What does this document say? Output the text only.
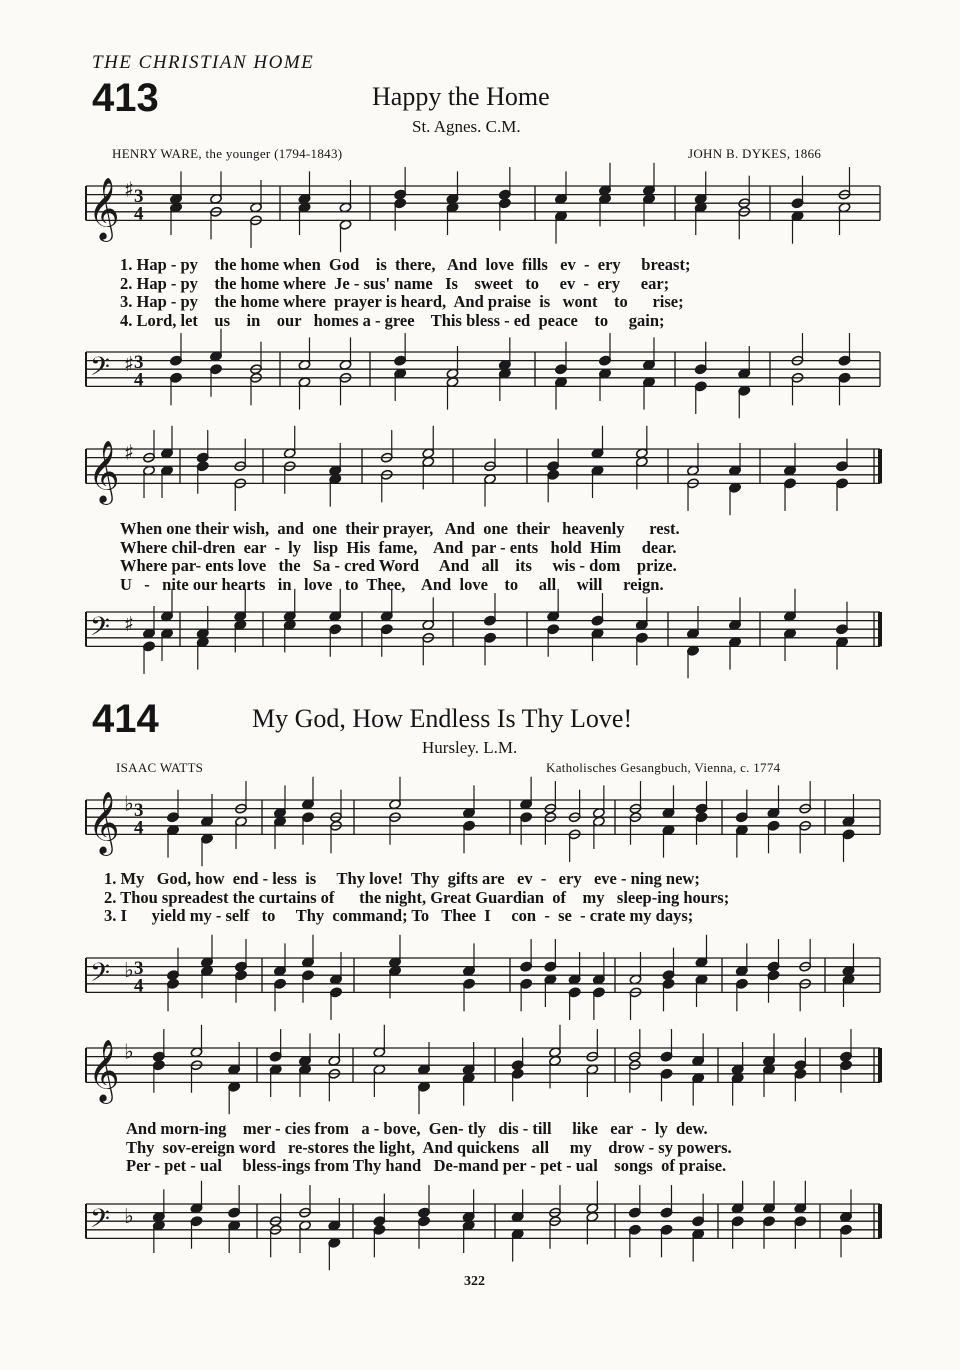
THE CHRISTIAN HOME
413	Happy the Home
St. Agnes. C.M.
HENRY WARE, the younger (1794-1843)	JOHN B. DYKES, 1866
𝄞
𝄢
♯
♯
3
4
3
4
𝄞
𝄢
♯
♯
𝄞
𝄢
♭
♭
3
4
3
4
𝄞
𝄢
♭
♭
1. Hap - py    the home when  God    is  there,   And  love  fills   ev  -  ery     breast;
2. Hap - py    the home where  Je - sus' name   Is    sweet   to     ev  -  ery     ear;
3. Hap - py    the home where  prayer is heard,  And praise  is   wont    to      rise;
4. Lord, let    us    in    our   homes a - gree    This bless - ed  peace    to     gain;
When one their wish,  and  one  their prayer,   And  one  their   heavenly      rest.
Where chil-dren  ear  -  ly   lisp  His  fame,    And  par - ents   hold  Him     dear.
Where par- ents love   the   Sa - cred Word     And   all    its     wis - dom    prize.
U   -   nite our hearts   in   love   to  Thee,    And  love    to     all     will     reign.
414	My God, How Endless Is Thy Love!
Hursley. L.M.
ISAAC WATTS	Katholisches Gesangbuch, Vienna, c. 1774
1. My   God, how  end - less  is     Thy love!  Thy  gifts are   ev  -   ery   eve - ning new;
2. Thou spreadest the curtains of      the night, Great Guardian  of    my   sleep-ing hours;
3. I      yield my - self   to     Thy  command; To   Thee  I     con  -  se  - crate my days;
And morn-ing    mer - cies from   a - bove,  Gen- tly   dis - till     like   ear  -  ly  dew.
Thy  sov-ereign word   re-stores the light,  And quickens   all     my    drow - sy powers.
Per - pet - ual     bless-ings from Thy hand   De-mand per - pet - ual    songs  of praise.
322
